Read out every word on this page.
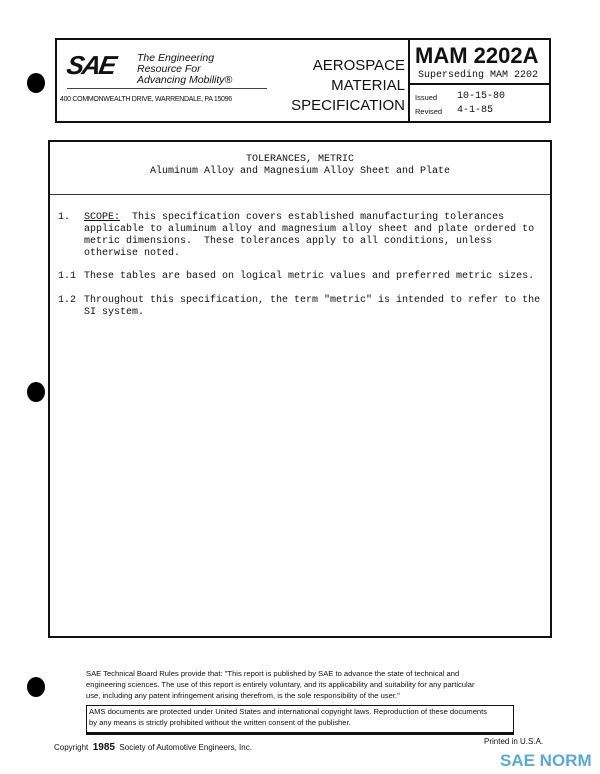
SAE The Engineering
Resource For
Advancing Mobility®
400 COMMONWEALTH DRIVE, WARRENDALE, PA 15096
AEROSPACE
MATERIAL
SPECIFICATION
MAM 2202A
Superseding MAM 2202
Issued 10-15-80
Revised 4-1-85
TOLERANCES, METRIC
Aluminum Alloy and Magnesium Alloy Sheet and Plate
1. SCOPE: This specification covers established manufacturing tolerances
applicable to aluminum alloy and magnesium alloy sheet and plate ordered to
metric dimensions.  These tolerances apply to all conditions, unless
otherwise noted.
1.1 These tables are based on logical metric values and preferred metric sizes.
1.2 Throughout this specification, the term "metric" is intended to refer to the
SI system.
SAE Technical Board Rules provide that: "This report is published by SAE to advance the state of technical and
engineering sciences. The use of this report is entirely voluntary, and its applicability and suitability for any particular
use, including any patent infringement arising therefrom, is the sole responsibility of the user."
AMS documents are protected under United States and international copyright laws. Reproduction of these documents
by any means is strictly prohibited without the written consent of the publisher.
Copyright 1985 Society of Automotive Engineers, Inc.
Printed in U.S.A.
SAE NORM
